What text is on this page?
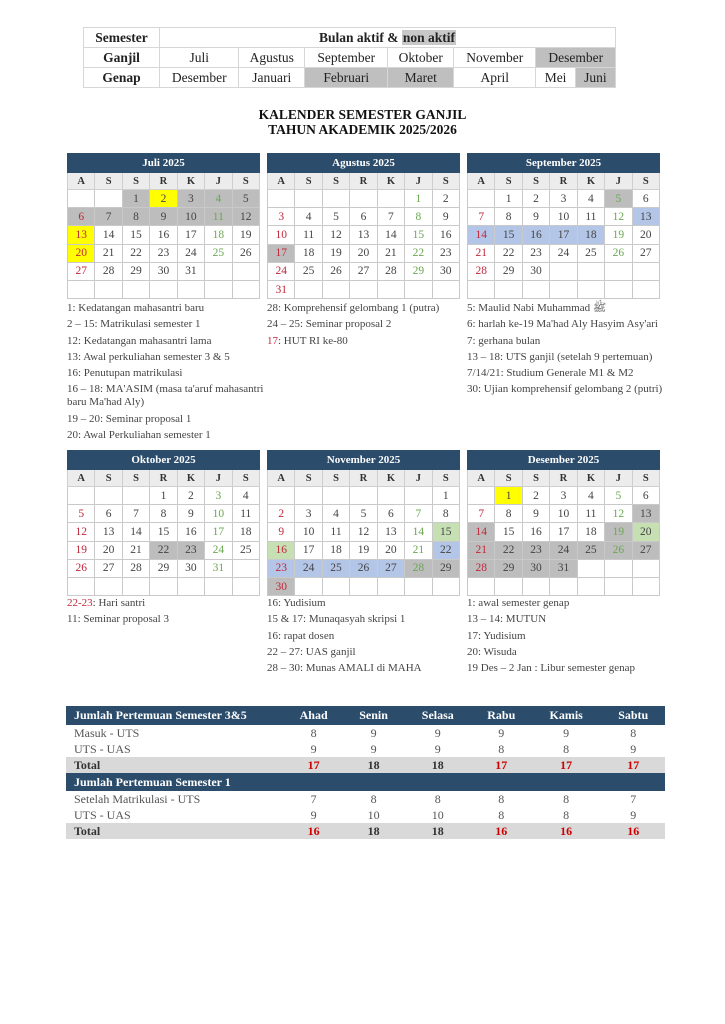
Semester	Bulan aktif & non aktif						
Ganjil	Juli	Agustus	September	Oktober	November	Desember	
Genap	Desember	Januari	Februari	Maret	April	Mei	Juni
KALENDER SEMESTER GANJIL
TAHUN AKADEMIK 2025/2026
Juli 2025						
A	S	S	R	K	J	S
		1	2	3	4	5
6	7	8	9	10	11	12
13	14	15	16	17	18	19
20	21	22	23	24	25	26
27	28	29	30	31		

1: Kedatangan mahasantri baru
2 – 15: Matrikulasi semester 1
12: Kedatangan mahasantri lama
13: Awal perkuliahan semester 3 & 5
16: Penutupan matrikulasi
16 – 18: MA'ASIM (masa ta'aruf mahasantri baru Ma'had Aly)
19 – 20: Seminar proposal 1
20: Awal Perkuliahan semester 1
Agustus 2025						
A	S	S	R	K	J	S
					1	2
3	4	5	6	7	8	9
10	11	12	13	14	15	16
17	18	19	20	21	22	23
24	25	26	27	28	29	30
31						
28: Komprehensif gelombang 1 (putra)
24 – 25: Seminar proposal 2
17: HUT RI ke-80
September 2025						
A	S	S	R	K	J	S
	1	2	3	4	5	6
7	8	9	10	11	12	13
14	15	16	17	18	19	20
21	22	23	24	25	26	27
28	29	30				

5: Maulid Nabi Muhammad ﷺ
6: harlah ke-19 Ma'had Aly Hasyim Asy'ari
7: gerhana bulan
13 – 18: UTS ganjil (setelah 9 pertemuan)
7/14/21: Studium Generale M1 & M2
30: Ujian komprehensif gelombang 2 (putri)
Oktober 2025						
A	S	S	R	K	J	S
			1	2	3	4
5	6	7	8	9	10	11
12	13	14	15	16	17	18
19	20	21	22	23	24	25
26	27	28	29	30	31	

22-23: Hari santri
11: Seminar proposal 3
November 2025						
A	S	S	R	K	J	S
						1
2	3	4	5	6	7	8
9	10	11	12	13	14	15
16	17	18	19	20	21	22
23	24	25	26	27	28	29
30						
16: Yudisium
15 & 17: Munaqasyah skripsi 1
16: rapat dosen
22 – 27: UAS ganjil
28 – 30: Munas AMALI di MAHA
Desember 2025						
A	S	S	R	K	J	S
	1	2	3	4	5	6
7	8	9	10	11	12	13
14	15	16	17	18	19	20
21	22	23	24	25	26	27
28	29	30	31			

1: awal semester genap
13 – 14: MUTUN
17: Yudisium
20: Wisuda
19 Des – 2 Jan : Libur semester genap
Jumlah Pertemuan Semester 3&5	Ahad	Senin	Selasa	Rabu	Kamis	Sabtu
Masuk - UTS	8	9	9	9	9	8
UTS - UAS	9	9	9	8	8	9
Total	17	18	18	17	17	17
Jumlah Pertemuan Semester 1						
Setelah Matrikulasi - UTS	7	8	8	8	8	7
UTS - UAS	9	10	10	8	8	9
Total	16	18	18	16	16	16
